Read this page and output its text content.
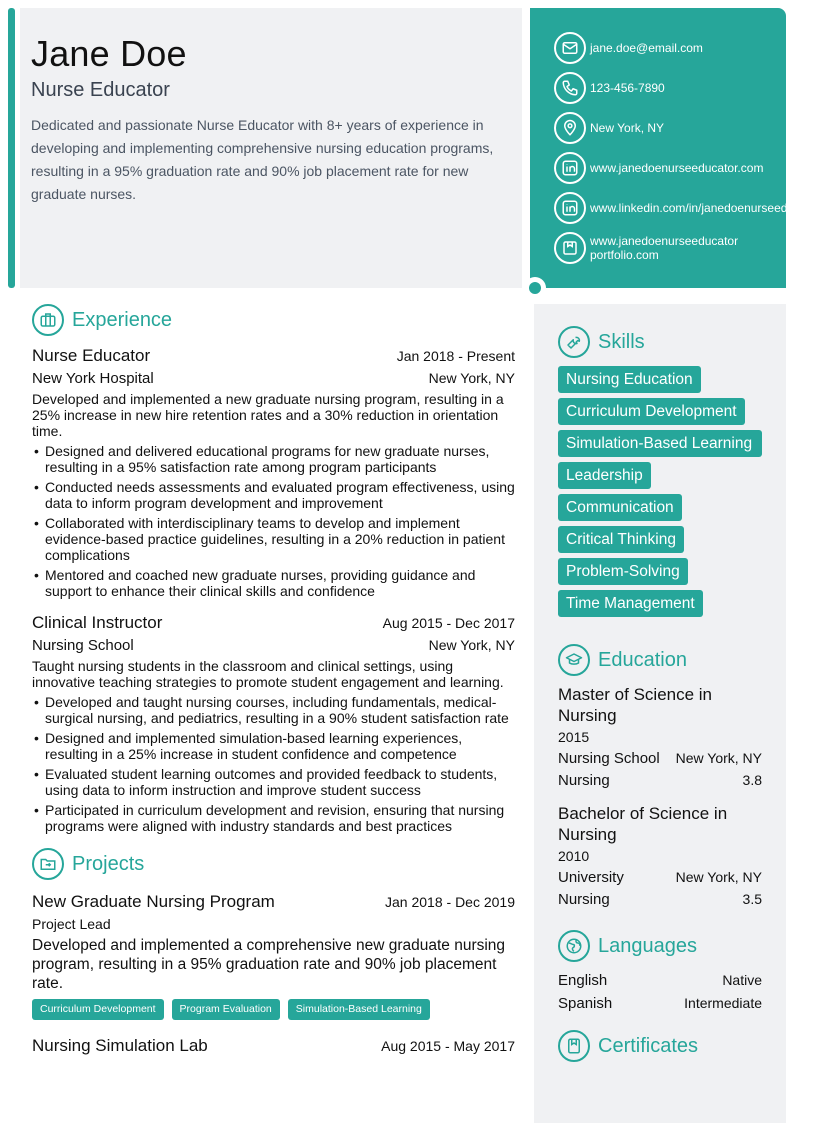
Jane Doe
Nurse Educator
Dedicated and passionate Nurse Educator with 8+ years of experience in developing and implementing comprehensive nursing education programs, resulting in a 95% graduation rate and 90% job placement rate for new graduate nurses.
jane.doe@email.com
123-456-7890
New York, NY
www.janedoenurseeducator.com
www.linkedin.com/in/janedoenurseeducator
www.janedoenurseeducator portfolio.com
Experience
Nurse Educator	Jan 2018 - Present
New York Hospital	New York, NY
Developed and implemented a new graduate nursing program, resulting in a 25% increase in new hire retention rates and a 30% reduction in orientation time.
• Designed and delivered educational programs for new graduate nurses, resulting in a 95% satisfaction rate among program participants
• Conducted needs assessments and evaluated program effectiveness, using data to inform program development and improvement
• Collaborated with interdisciplinary teams to develop and implement evidence-based practice guidelines, resulting in a 20% reduction in patient complications
• Mentored and coached new graduate nurses, providing guidance and support to enhance their clinical skills and confidence
Clinical Instructor	Aug 2015 - Dec 2017
Nursing School	New York, NY
Taught nursing students in the classroom and clinical settings, using innovative teaching strategies to promote student engagement and learning.
• Developed and taught nursing courses, including fundamentals, medical-surgical nursing, and pediatrics, resulting in a 90% student satisfaction rate
• Designed and implemented simulation-based learning experiences, resulting in a 25% increase in student confidence and competence
• Evaluated student learning outcomes and provided feedback to students, using data to inform instruction and improve student success
• Participated in curriculum development and revision, ensuring that nursing programs were aligned with industry standards and best practices
Projects
New Graduate Nursing Program	Jan 2018 - Dec 2019
Project Lead
Developed and implemented a comprehensive new graduate nursing program, resulting in a 95% graduation rate and 90% job placement rate.
Curriculum Development	Program Evaluation	Simulation-Based Learning
Nursing Simulation Lab	Aug 2015 - May 2017
Skills
Nursing Education
Curriculum Development
Simulation-Based Learning
Leadership
Communication
Critical Thinking
Problem-Solving
Time Management
Education
Master of Science in Nursing
2015
Nursing School New York, NY
Nursing	3.8
Bachelor of Science in Nursing
2010
University	New York, NY
Nursing	3.5
Languages
English	Native
Spanish	Intermediate
Certificates
